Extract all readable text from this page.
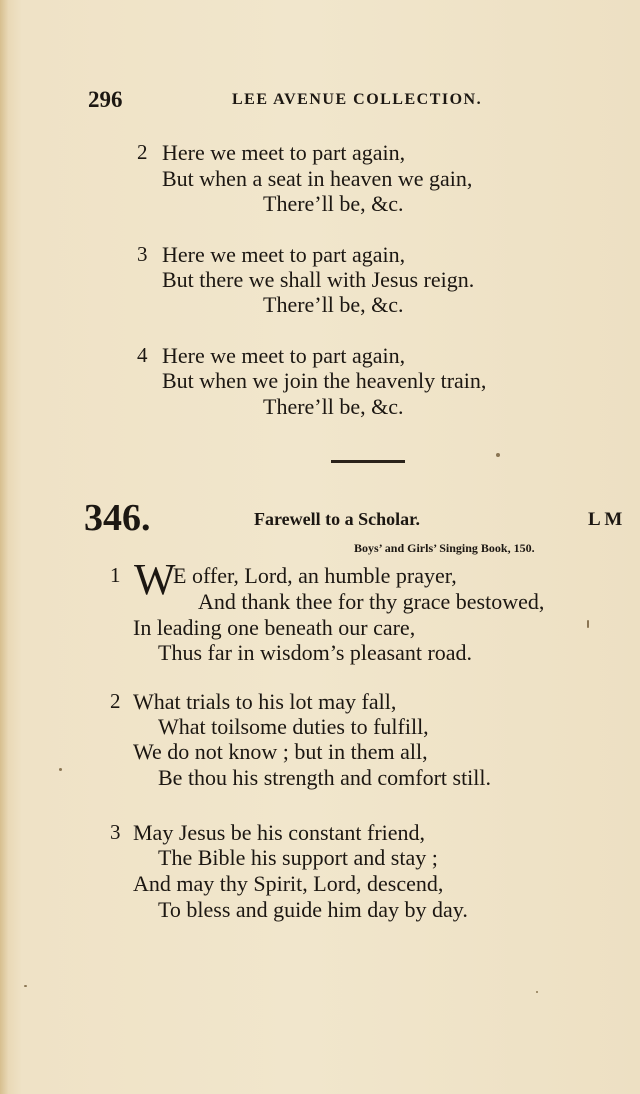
296	LEE AVENUE COLLECTION.
2 Here we meet to part again,
But when a seat in heaven we gain,
There’ll be, &c.
3 Here we meet to part again,
But there we shall with Jesus reign.
There’ll be, &c.
4 Here we meet to part again,
But when we join the heavenly train,
There’ll be, &c.
346.	Farewell to a Scholar.	L M
Boys’ and Girls’ Singing Book, 150.
1 W
E offer, Lord, an humble prayer,
And thank thee for thy grace bestowed,
In leading one beneath our care,
Thus far in wisdom’s pleasant road.
2 What trials to his lot may fall,
What toilsome duties to fulfill,
We do not know ; but in them all,
Be thou his strength and comfort still.
3 May Jesus be his constant friend,
The Bible his support and stay ;
And may thy Spirit, Lord, descend,
To bless and guide him day by day.
